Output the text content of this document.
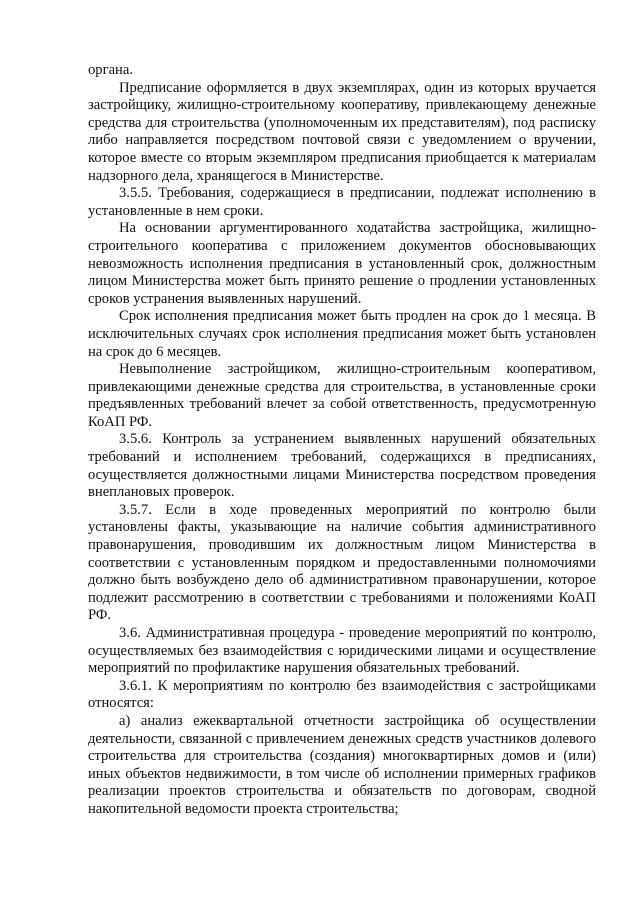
органа.

Предписание оформляется в двух экземплярах, один из которых вручается застройщику, жилищно-строительному кооперативу, привлекающему денежные средства для строительства (уполномоченным их представителям), под расписку либо направляется посредством почтовой связи с уведомлением о вручении, которое вместе со вторым экземпляром предписания приобщается к материалам надзорного дела, хранящегося в Министерстве.

3.5.5. Требования, содержащиеся в предписании, подлежат исполнению в установленные в нем сроки.

На основании аргументированного ходатайства застройщика, жилищно-строительного кооператива с приложением документов обосновывающих невозможность исполнения предписания в установленный срок, должностным лицом Министерства может быть принято решение о продлении установленных сроков устранения выявленных нарушений.

Срок исполнения предписания может быть продлен на срок до 1 месяца. В исключительных случаях срок исполнения предписания может быть установлен на срок до 6 месяцев.

Невыполнение застройщиком, жилищно-строительным кооперативом, привлекающими денежные средства для строительства, в установленные сроки предъявленных требований влечет за собой ответственность, предусмотренную КоАП РФ.

3.5.6. Контроль за устранением выявленных нарушений обязательных требований и исполнением требований, содержащихся в предписаниях, осуществляется должностными лицами Министерства посредством проведения внеплановых проверок.

3.5.7. Если в ходе проведенных мероприятий по контролю были установлены факты, указывающие на наличие события административного правонарушения, проводившим их должностным лицом Министерства в соответствии с установленным порядком и предоставленными полномочиями должно быть возбуждено дело об административном правонарушении, которое подлежит рассмотрению в соответствии с требованиями и положениями КоАП РФ.

3.6. Административная процедура - проведение мероприятий по контролю, осуществляемых без взаимодействия с юридическими лицами и осуществление мероприятий по профилактике нарушения обязательных требований.

3.6.1. К мероприятиям по контролю без взаимодействия с застройщиками относятся:

а) анализ ежеквартальной отчетности застройщика об осуществлении деятельности, связанной с привлечением денежных средств участников долевого строительства для строительства (создания) многоквартирных домов и (или) иных объектов недвижимости, в том числе об исполнении примерных графиков реализации проектов строительства и обязательств по договорам, сводной накопительной ведомости проекта строительства;
